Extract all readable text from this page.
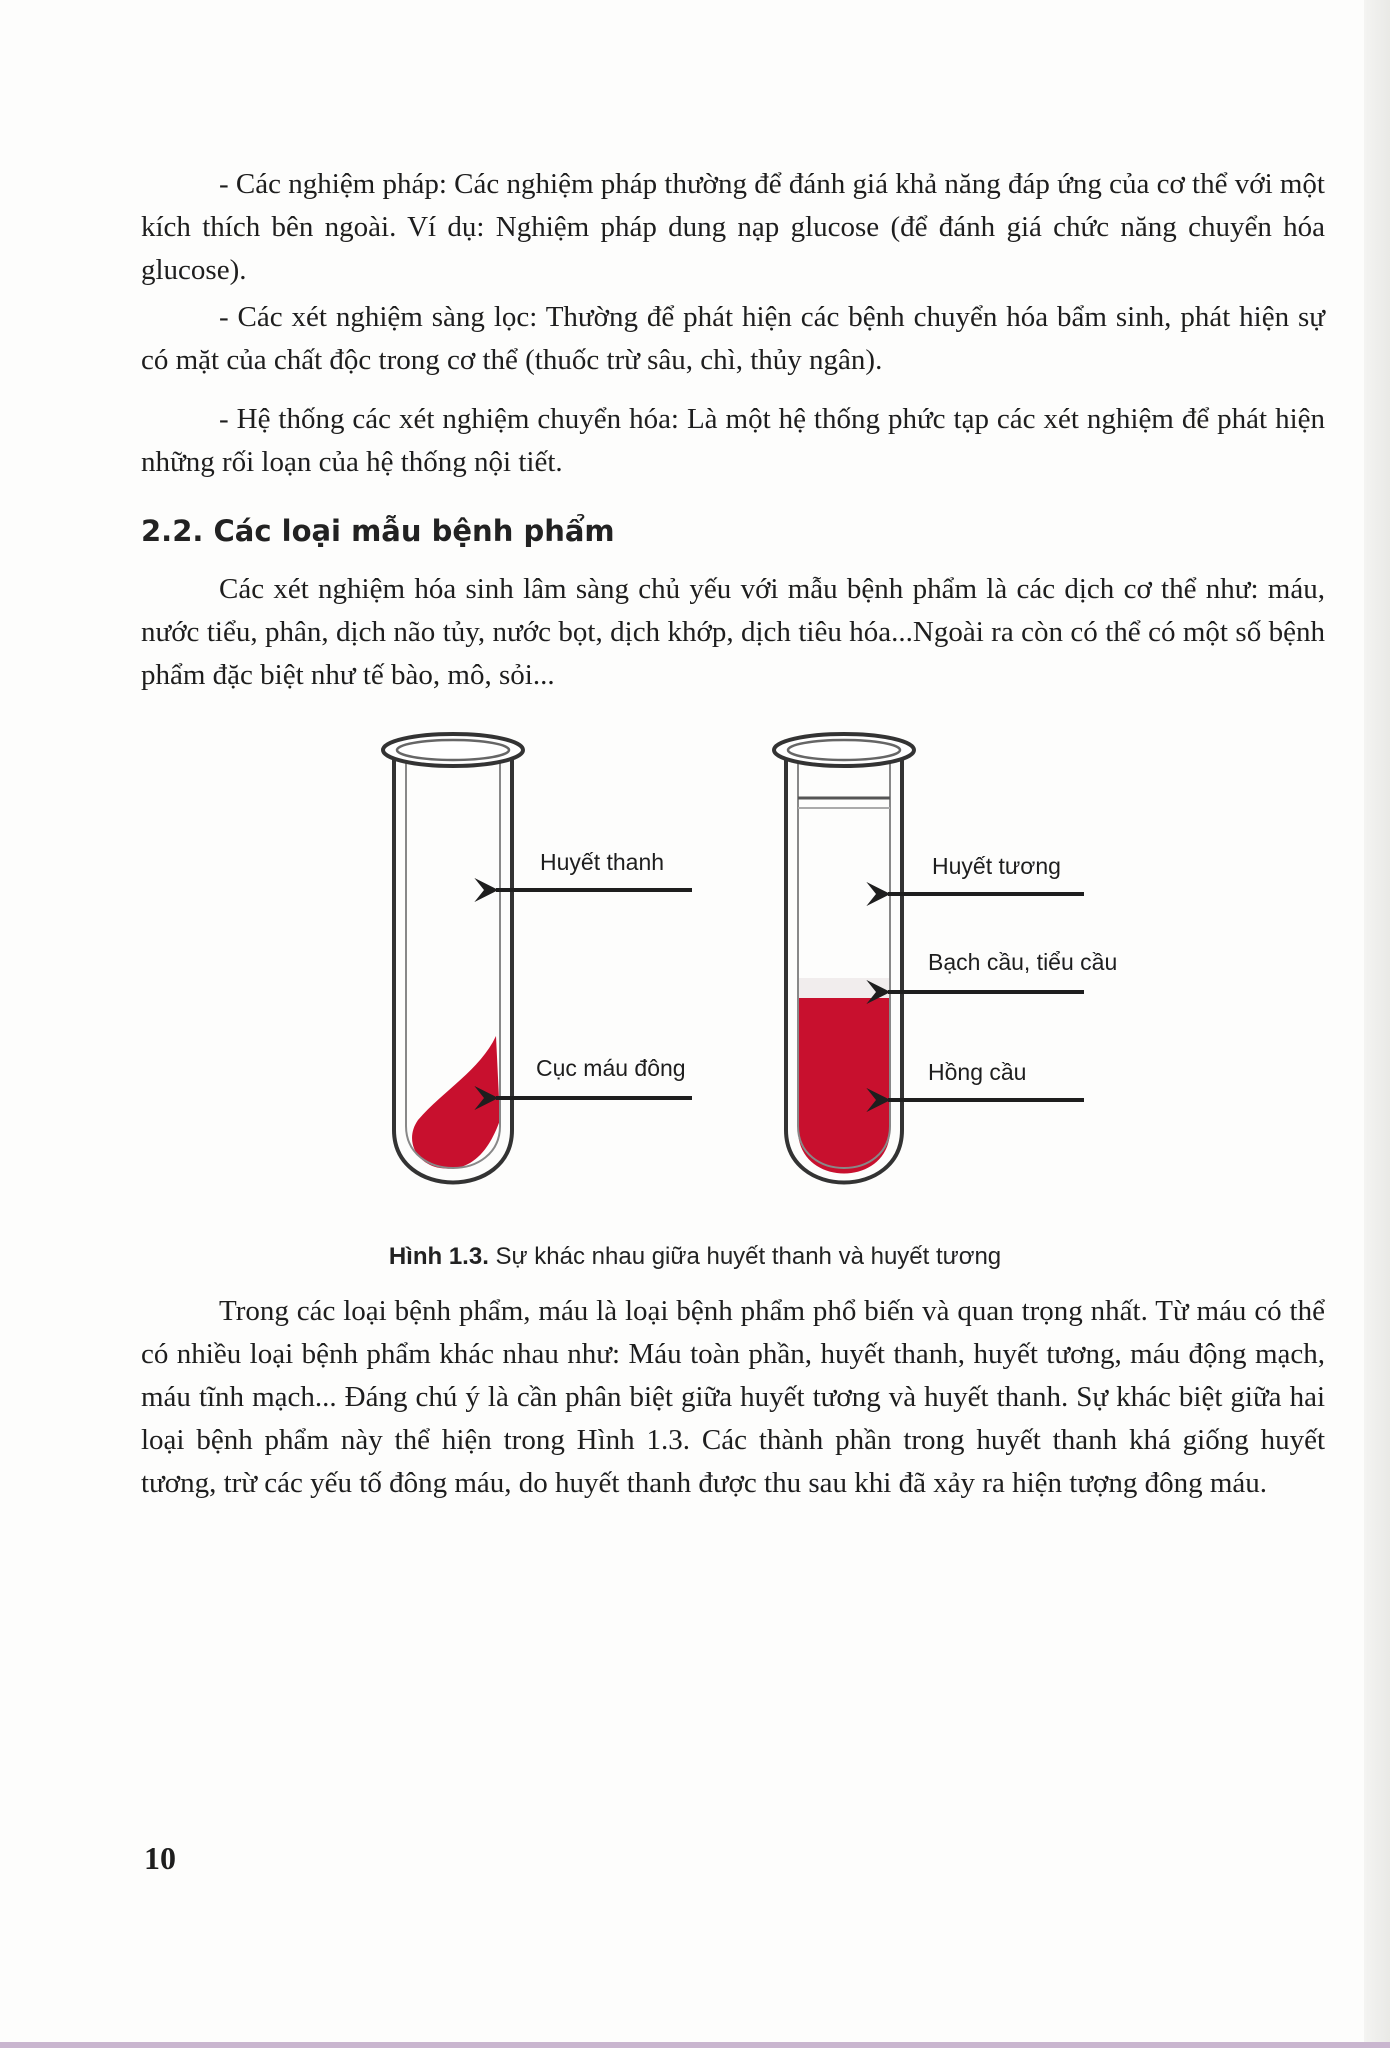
- Các nghiệm pháp: Các nghiệm pháp thường để đánh giá khả năng đáp ứng của cơ thể với một kích thích bên ngoài. Ví dụ: Nghiệm pháp dung nạp glucose (để đánh giá chức năng chuyển hóa glucose).

- Các xét nghiệm sàng lọc: Thường để phát hiện các bệnh chuyển hóa bẩm sinh, phát hiện sự có mặt của chất độc trong cơ thể (thuốc trừ sâu, chì, thủy ngân).

- Hệ thống các xét nghiệm chuyển hóa: Là một hệ thống phức tạp các xét nghiệm để phát hiện những rối loạn của hệ thống nội tiết.

2.2. Các loại mẫu bệnh phẩm

Các xét nghiệm hóa sinh lâm sàng chủ yếu với mẫu bệnh phẩm là các dịch cơ thể như: máu, nước tiểu, phân, dịch não tủy, nước bọt, dịch khớp, dịch tiêu hóa...Ngoài ra còn có thể có một số bệnh phẩm đặc biệt như tế bào, mô, sỏi...

Huyết thanh
Cục máu đông
Huyết tương
Bạch cầu, tiểu cầu
Hồng cầu

Hình 1.3. Sự khác nhau giữa huyết thanh và huyết tương

Trong các loại bệnh phẩm, máu là loại bệnh phẩm phổ biến và quan trọng nhất. Từ máu có thể có nhiều loại bệnh phẩm khác nhau như: Máu toàn phần, huyết thanh, huyết tương, máu động mạch, máu tĩnh mạch... Đáng chú ý là cần phân biệt giữa huyết tương và huyết thanh. Sự khác biệt giữa hai loại bệnh phẩm này thể hiện trong Hình 1.3. Các thành phần trong huyết thanh khá giống huyết tương, trừ các yếu tố đông máu, do huyết thanh được thu sau khi đã xảy ra hiện tượng đông máu.

10
